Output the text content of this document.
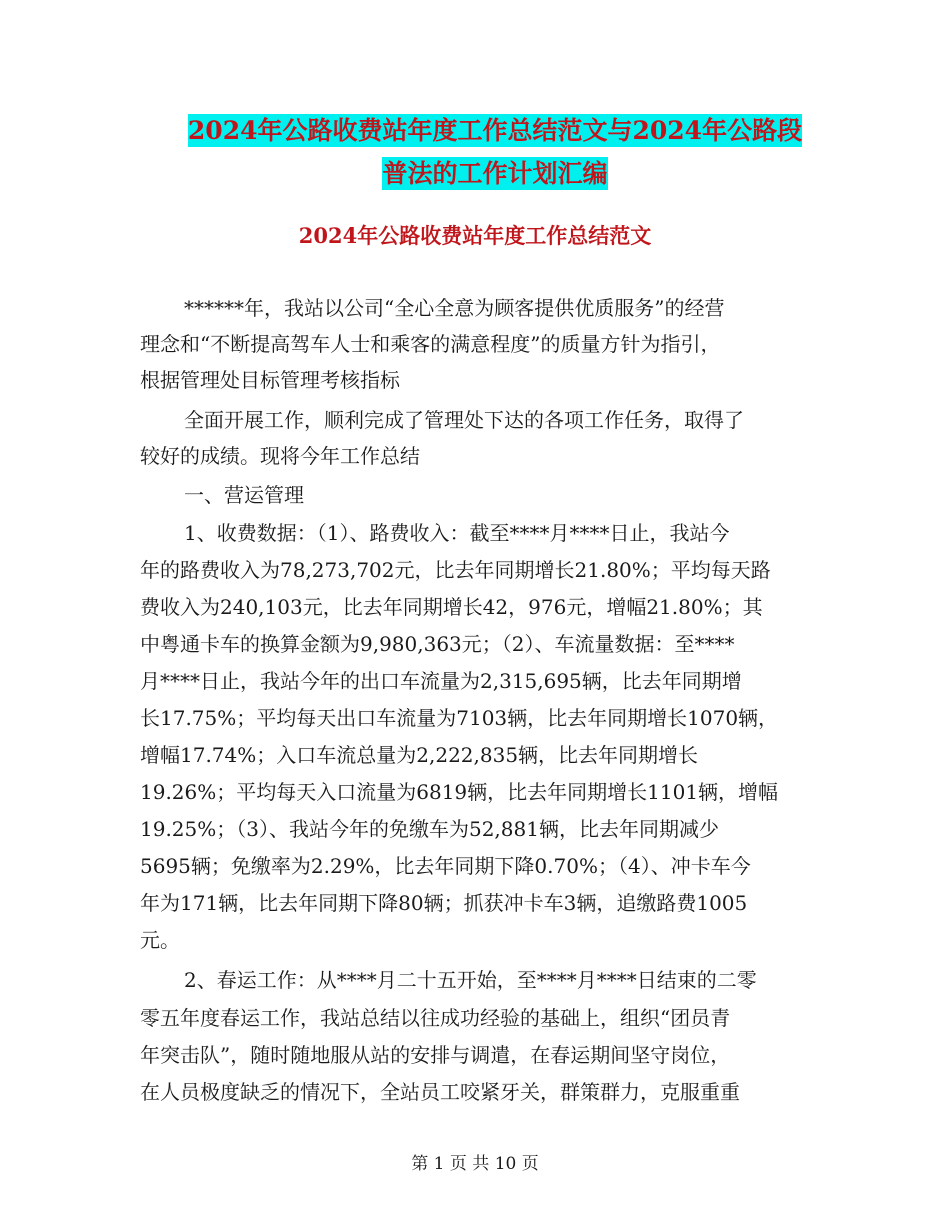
2024年公路收费站年度工作总结范文与2024年公路段
普法的工作计划汇编
2024年公路收费站年度工作总结范文
******年，我站以公司“全心全意为顾客提供优质服务”的经营
理念和“不断提高驾车人士和乘客的满意程度”的质量方针为指引，
根据管理处目标管理考核指标
全面开展工作，顺利完成了管理处下达的各项工作任务，取得了
较好的成绩。现将今年工作总结
一、营运管理
1、收费数据：（1）、路费收入：截至****月****日止，我站今
年的路费收入为78,273,702元，比去年同期增长21.80%；平均每天路
费收入为240,103元，比去年同期增长42，976元，增幅21.80%；其
中粤通卡车的换算金额为9,980,363元；（2）、车流量数据：至****
月****日止，我站今年的出口车流量为2,315,695辆，比去年同期增
长17.75%；平均每天出口车流量为7103辆，比去年同期增长1070辆，
增幅17.74%；入口车流总量为2,222,835辆，比去年同期增长
19.26%；平均每天入口流量为6819辆，比去年同期增长1101辆，增幅
19.25%；（3）、我站今年的免缴车为52,881辆，比去年同期减少
5695辆；免缴率为2.29%，比去年同期下降0.70%；（4）、冲卡车今
年为171辆，比去年同期下降80辆；抓获冲卡车3辆，追缴路费1005
元。
2、春运工作：从****月二十五开始，至****月****日结束的二零
零五年度春运工作，我站总结以往成功经验的基础上，组织“团员青
年突击队”，随时随地服从站的安排与调遣，在春运期间坚守岗位，
在人员极度缺乏的情况下，全站员工咬紧牙关，群策群力，克服重重
第 1 页 共 10 页
